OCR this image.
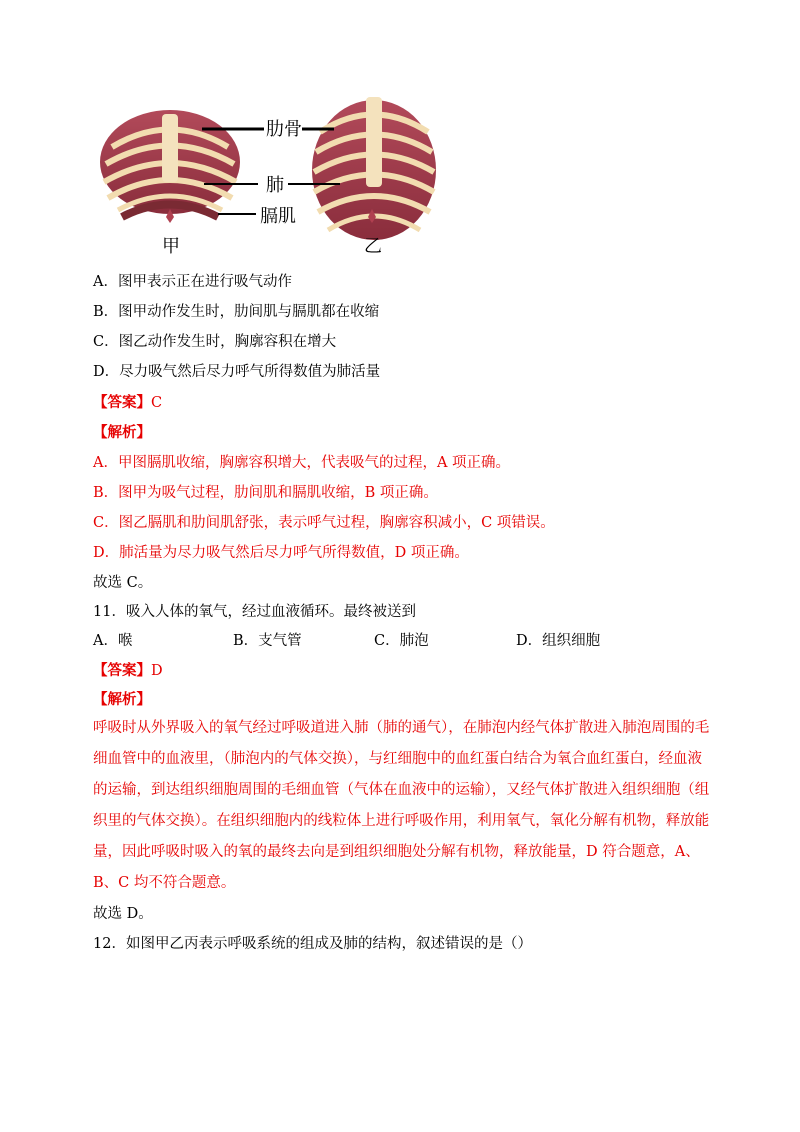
肋骨
肺
膈肌
甲	乙
A．图甲表示正在进行吸气动作
B．图甲动作发生时，肋间肌与膈肌都在收缩
C．图乙动作发生时，胸廓容积在增大
D．尽力吸气然后尽力呼气所得数值为肺活量
【答案】C
【解析】
A．甲图膈肌收缩，胸廓容积增大，代表吸气的过程，A 项正确。
B．图甲为吸气过程，肋间肌和膈肌收缩，B 项正确。
C．图乙膈肌和肋间肌舒张，表示呼气过程，胸廓容积减小，C 项错误。
D．肺活量为尽力吸气然后尽力呼气所得数值，D 项正确。
故选 C。
11．吸入人体的氧气，经过血液循环。最终被送到
A．喉	B．支气管	C．肺泡	D．组织细胞
【答案】D
【解析】
呼吸时从外界吸入的氧气经过呼吸道进入肺（肺的通气），在肺泡内经气体扩散进入肺泡周围的毛
细血管中的血液里，（肺泡内的气体交换），与红细胞中的血红蛋白结合为氧合血红蛋白，经血液
的运输，到达组织细胞周围的毛细血管（气体在血液中的运输），又经气体扩散进入组织细胞（组
织里的气体交换）。在组织细胞内的线粒体上进行呼吸作用，利用氧气，氧化分解有机物，释放能
量，因此呼吸时吸入的氧的最终去向是到组织细胞处分解有机物，释放能量，D 符合题意，A、
B、C 均不符合题意。
故选 D。
12．如图甲乙丙表示呼吸系统的组成及肺的结构，叙述错误的是（）
